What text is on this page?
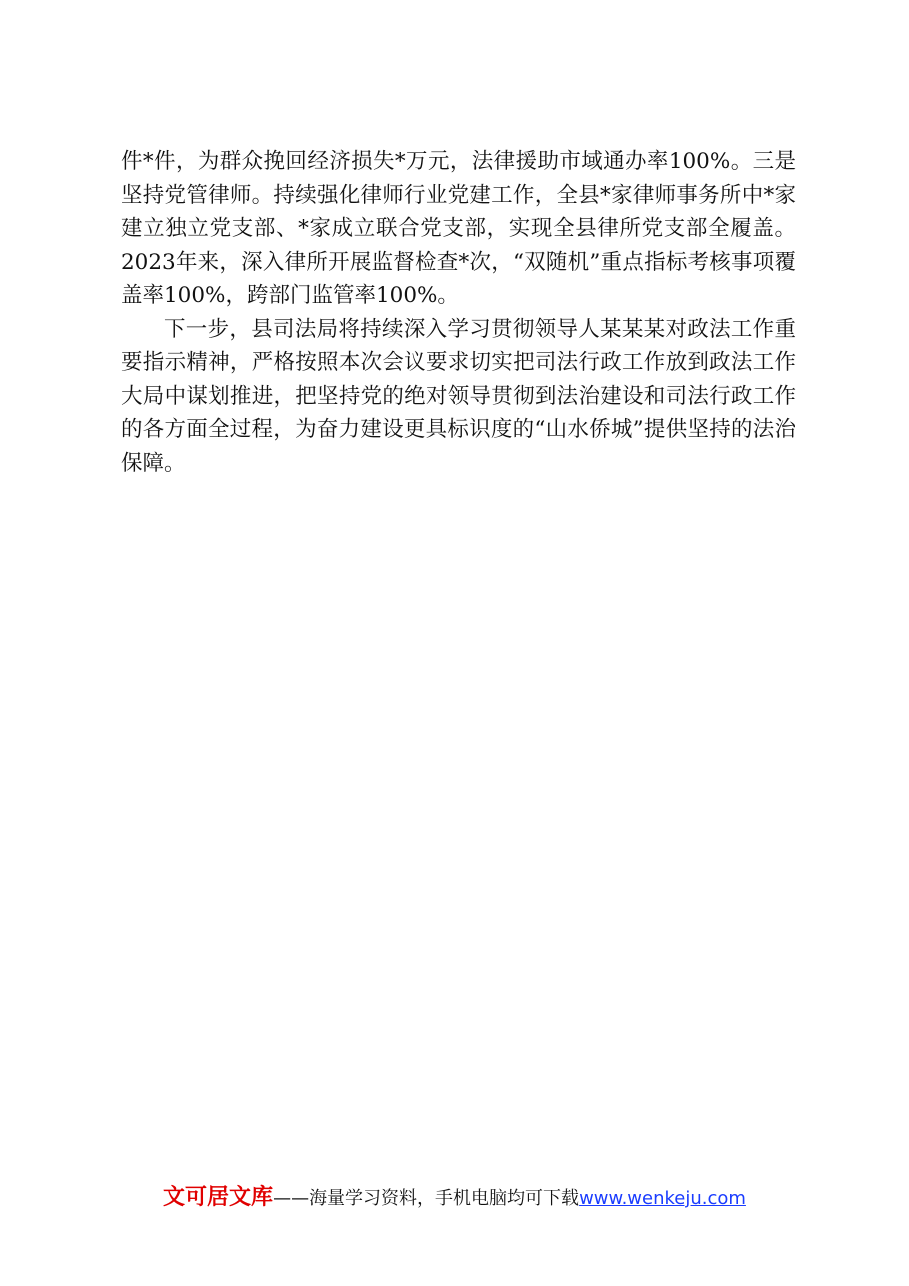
件*件，为群众挽回经济损失*万元，法律援助市域通办率100%。三是坚持党管律师。持续强化律师行业党建工作，全县*家律师事务所中*家建立独立党支部、*家成立联合党支部，实现全县律所党支部全履盖。2023年来，深入律所开展监督检查*次，“双随机”重点指标考核事项覆盖率100%，跨部门监管率100%。

下一步，县司法局将持续深入学习贯彻领导人某某某对政法工作重要指示精神，严格按照本次会议要求切实把司法行政工作放到政法工作大局中谋划推进，把坚持党的绝对领导贯彻到法治建设和司法行政工作的各方面全过程，为奋力建设更具标识度的“山水侨城”提供坚持的法治保障。

文可居文库——海量学习资料，手机电脑均可下载www.wenkeju.com
